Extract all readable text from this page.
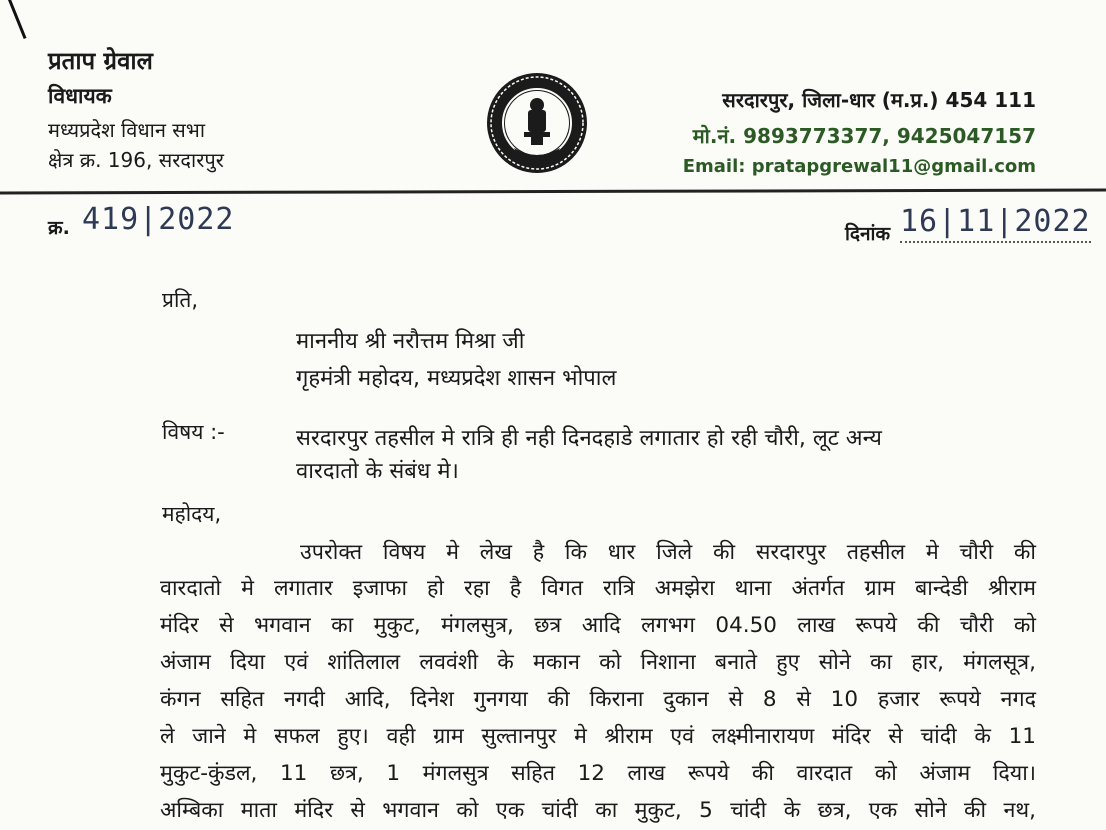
प्रताप ग्रेवाल
विधायक
मध्यप्रदेश विधान सभा
क्षेत्र क्र. 196, सरदारपुर
सरदारपुर, जिला-धार (म.प्र.) 454 111
मो.नं. 9893773377, 9425047157
Email: pratapgrewal11@gmail.com
क्र. 419|2022	दिनांक 16|11|2022
प्रति,
माननीय श्री नरौत्तम मिश्रा जी
गृहमंत्री महोदय, मध्यप्रदेश शासन भोपाल
विषय :-	सरदारपुर तहसील मे रात्रि ही नही दिनदहाडे लगातार हो रही चौरी, लूट अन्य
वारदातो के संबंध मे।
महोदय,
उपरोक्त विषय मे लेख है कि धार जिले की सरदारपुर तहसील मे चौरी की
वारदातो मे लगातार इजाफा हो रहा है विगत रात्रि अमझेरा थाना अंतर्गत ग्राम बान्देडी श्रीराम
मंदिर से भगवान का मुकुट, मंगलसुत्र, छत्र आदि लगभग 04.50 लाख रूपये की चौरी को
अंजाम दिया एवं शांतिलाल लववंशी के मकान को निशाना बनाते हुए सोने का हार, मंगलसूत्र,
कंगन सहित नगदी आदि, दिनेश गुनगया की किराना दुकान से 8 से 10 हजार रूपये नगद
ले जाने मे सफल हुए। वही ग्राम सुल्तानपुर मे श्रीराम एवं लक्ष्मीनारायण मंदिर से चांदी के 11
मुकुट-कुंडल, 11 छत्र, 1 मंगलसुत्र सहित 12 लाख रूपये की वारदात को अंजाम दिया।
अम्बिका माता मंदिर से भगवान को एक चांदी का मुकुट, 5 चांदी के छत्र, एक सोने की नथ,
